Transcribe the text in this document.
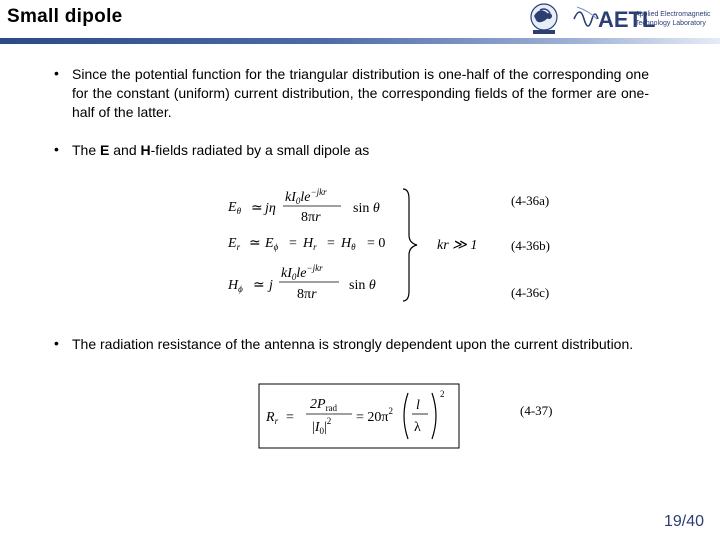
Small dipole	AETL
Applied Electromagnetic
Technology Laboratory
• Since the potential function for the triangular distribution is one-half of the corresponding one for the constant (uniform) current distribution, the corresponding fields of the former are one-half of the latter.
• The E and H-fields radiated by a small dipole as
$E_\theta$ ≃ jη
$kI_0le^{-jkr}$
8πr
sin θ
$E_r$ ≃ $E_\phi = H_r = H_\theta = 0$
$H_\phi$ ≃ j
$kI_0le^{-jkr}$
8πr
sin θ
kr ≫ 1
(4-36a)
(4-36b)
(4-36c)
• The radiation resistance of the antenna is strongly dependent upon the current distribution.
$R_r$ =
$2P_{rad}$
$|I_0|^2 = 20\pi^2$ l
λ
2
(4-37)
19/40
